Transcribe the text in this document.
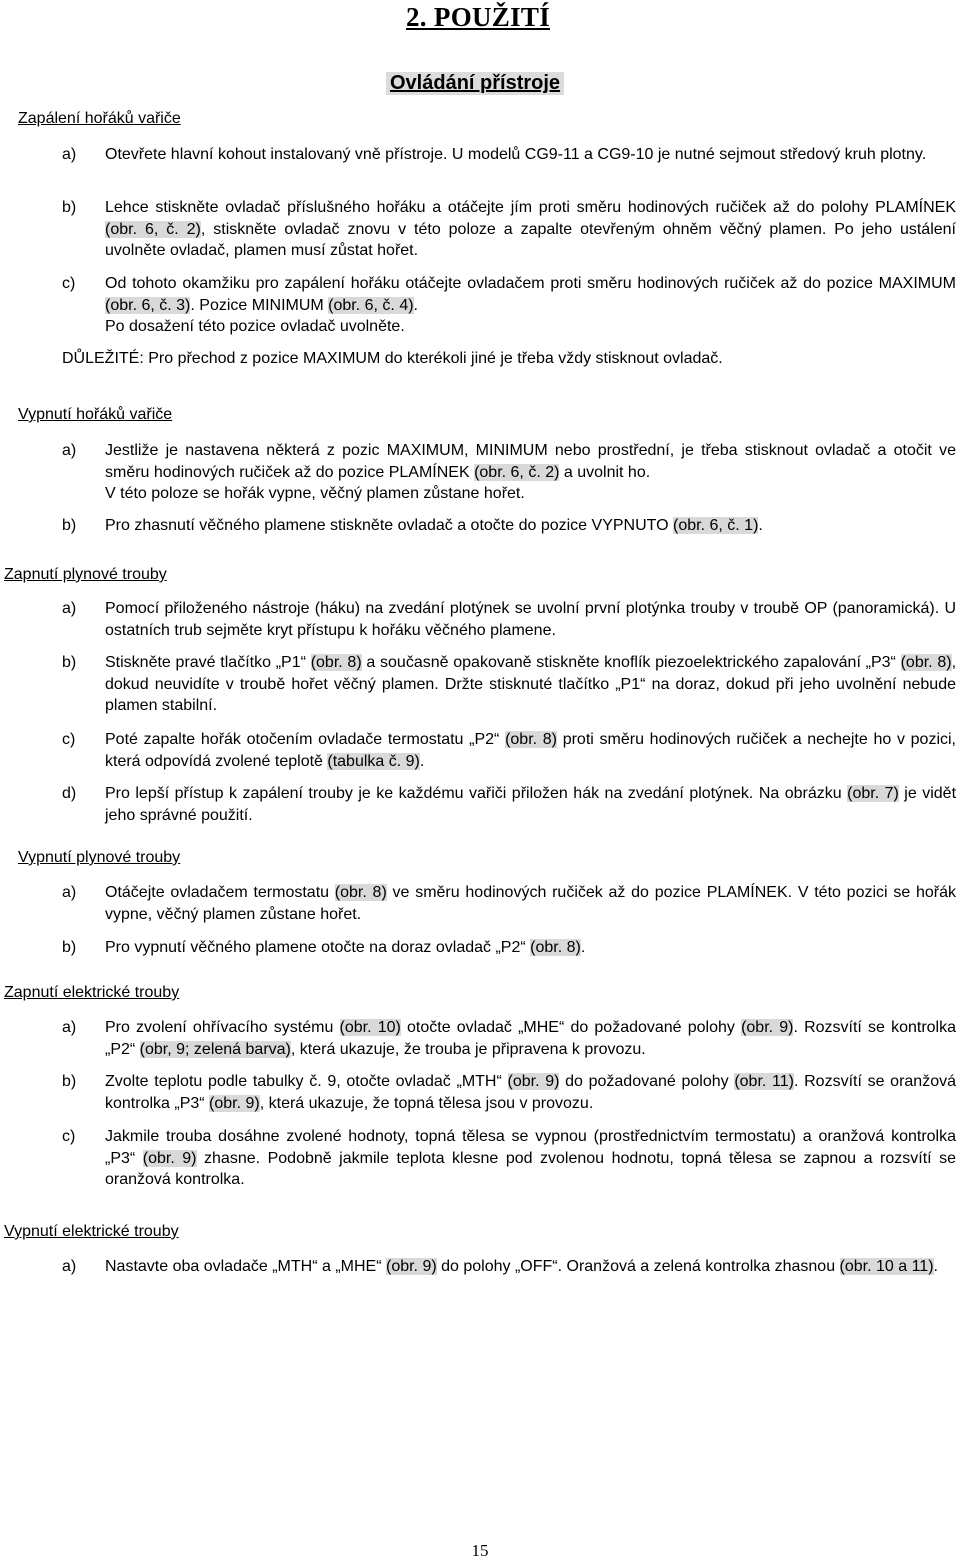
2. POUŽITÍ
Ovládání přístroje
Zapálení hořáků vařiče
a) Otevřete hlavní kohout instalovaný vně přístroje. U modelů CG9-11 a CG9-10 je nutné sejmout středový kruh plotny.
b) Lehce stiskněte ovladač příslušného hořáku a otáčejte jím proti směru hodinových ručiček až do polohy PLAMÍNEK (obr. 6, č. 2), stiskněte ovladač znovu v této poloze a zapalte otevřeným ohněm věčný plamen. Po jeho ustálení uvolněte ovladač, plamen musí zůstat hořet.
c) Od tohoto okamžiku pro zapálení hořáku otáčejte ovladačem proti směru hodinových ručiček až do pozice MAXIMUM (obr. 6, č. 3). Pozice MINIMUM (obr. 6, č. 4).
Po dosažení této pozice ovladač uvolněte.
DŮLEŽITÉ: Pro přechod z pozice MAXIMUM do kterékoli jiné je třeba vždy stisknout ovladač.
Vypnutí hořáků vařiče
a) Jestliže je nastavena některá z pozic MAXIMUM, MINIMUM nebo prostřední, je třeba stisknout ovladač a otočit ve směru hodinových ručiček až do pozice PLAMÍNEK (obr. 6, č. 2) a uvolnit ho.
V této poloze se hořák vypne, věčný plamen zůstane hořet.
b) Pro zhasnutí věčného plamene stiskněte ovladač a otočte do pozice VYPNUTO (obr. 6, č. 1).
Zapnutí plynové trouby
a) Pomocí přiloženého nástroje (háku) na zvedání plotýnek se uvolní první plotýnka trouby v troubě OP (panoramická). U ostatních trub sejměte kryt přístupu k hořáku věčného plamene.
b) Stiskněte pravé tlačítko „P1“ (obr. 8) a současně opakovaně stiskněte knoflík piezoelektrického zapalování „P3“ (obr. 8), dokud neuvidíte v troubě hořet věčný plamen. Držte stisknuté tlačítko „P1“ na doraz, dokud při jeho uvolnění nebude plamen stabilní.
c) Poté zapalte hořák otočením ovladače termostatu „P2“ (obr. 8) proti směru hodinových ručiček a nechejte ho v pozici, která odpovídá zvolené teplotě (tabulka č. 9).
d) Pro lepší přístup k zapálení trouby je ke každému vařiči přiložen hák na zvedání plotýnek. Na obrázku (obr. 7) je vidět jeho správné použití.
Vypnutí plynové trouby
a) Otáčejte ovladačem termostatu (obr. 8) ve směru hodinových ručiček až do pozice PLAMÍNEK. V této pozici se hořák vypne, věčný plamen zůstane hořet.
b) Pro vypnutí věčného plamene otočte na doraz ovladač „P2“ (obr. 8).
Zapnutí elektrické trouby
a) Pro zvolení ohřívacího systému (obr. 10) otočte ovladač „MHE“ do požadované polohy (obr. 9). Rozsvítí se kontrolka „P2“ (obr, 9; zelená barva), která ukazuje, že trouba je připravena k provozu.
b) Zvolte teplotu podle tabulky č. 9, otočte ovladač „MTH“ (obr. 9) do požadované polohy (obr. 11). Rozsvítí se oranžová kontrolka „P3“ (obr. 9), která ukazuje, že topná tělesa jsou v provozu.
c) Jakmile trouba dosáhne zvolené hodnoty, topná tělesa se vypnou (prostřednictvím termostatu) a oranžová kontrolka „P3“ (obr. 9) zhasne. Podobně jakmile teplota klesne pod zvolenou hodnotu, topná tělesa se zapnou a rozsvítí se oranžová kontrolka.
Vypnutí elektrické trouby
a)	Nastavte oba ovladače „MTH“ a „MHE“ (obr. 9) do polohy „OFF“. Oranžová a zelená kontrolka zhasnou (obr. 10 a 11).
15
